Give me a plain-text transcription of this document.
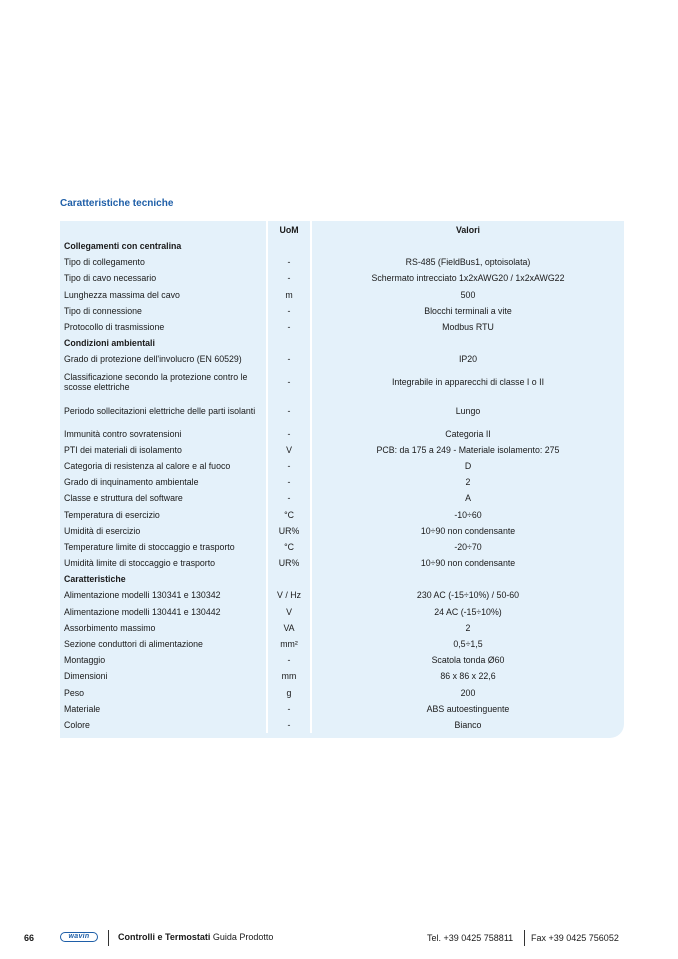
Caratteristiche tecniche
	UoM	Valori
Collegamenti con centralina		
Tipo di collegamento	-	RS-485 (FieldBus1, optoisolata)
Tipo di cavo necessario	-	Schermato intrecciato 1x2xAWG20 / 1x2xAWG22
Lunghezza massima del cavo	m	500
Tipo di connessione	-	Blocchi terminali a vite
Protocollo di trasmissione	-	Modbus RTU
Condizioni ambientali		
Grado di protezione dell'involucro (EN 60529)	-	IP20
Classificazione secondo la protezione contro le scosse elettriche	-	Integrabile in apparecchi di classe I o II
Periodo sollecitazioni elettriche delle parti isolanti	-	Lungo
Immunità contro sovratensioni	-	Categoria II
PTI dei materiali di isolamento	V	PCB: da 175 a 249 - Materiale isolamento: 275
Categoria di resistenza al calore e al fuoco	-	D
Grado di inquinamento ambientale	-	2
Classe e struttura del software	-	A
Temperatura di esercizio	°C	-10÷60
Umidità di esercizio	UR%	10÷90 non condensante
Temperature limite di stoccaggio e trasporto	°C	-20÷70
Umidità limite di stoccaggio e trasporto	UR%	10÷90 non condensante
Caratteristiche		
Alimentazione modelli 130341 e 130342	V / Hz	230 AC (-15÷10%) / 50-60
Alimentazione modelli 130441 e 130442	V	24 AC (-15÷10%)
Assorbimento massimo	VA	2
Sezione conduttori di alimentazione	mm²	0,5÷1,5
Montaggio	-	Scatola tonda Ø60
Dimensioni	mm	86 x 86 x 22,6
Peso	g	200
Materiale	-	ABS autoestinguente
Colore	-	Bianco
66	wavin	Controlli e Termostati Guida Prodotto	Tel. +39 0425 758811 Fax +39 0425 756052
